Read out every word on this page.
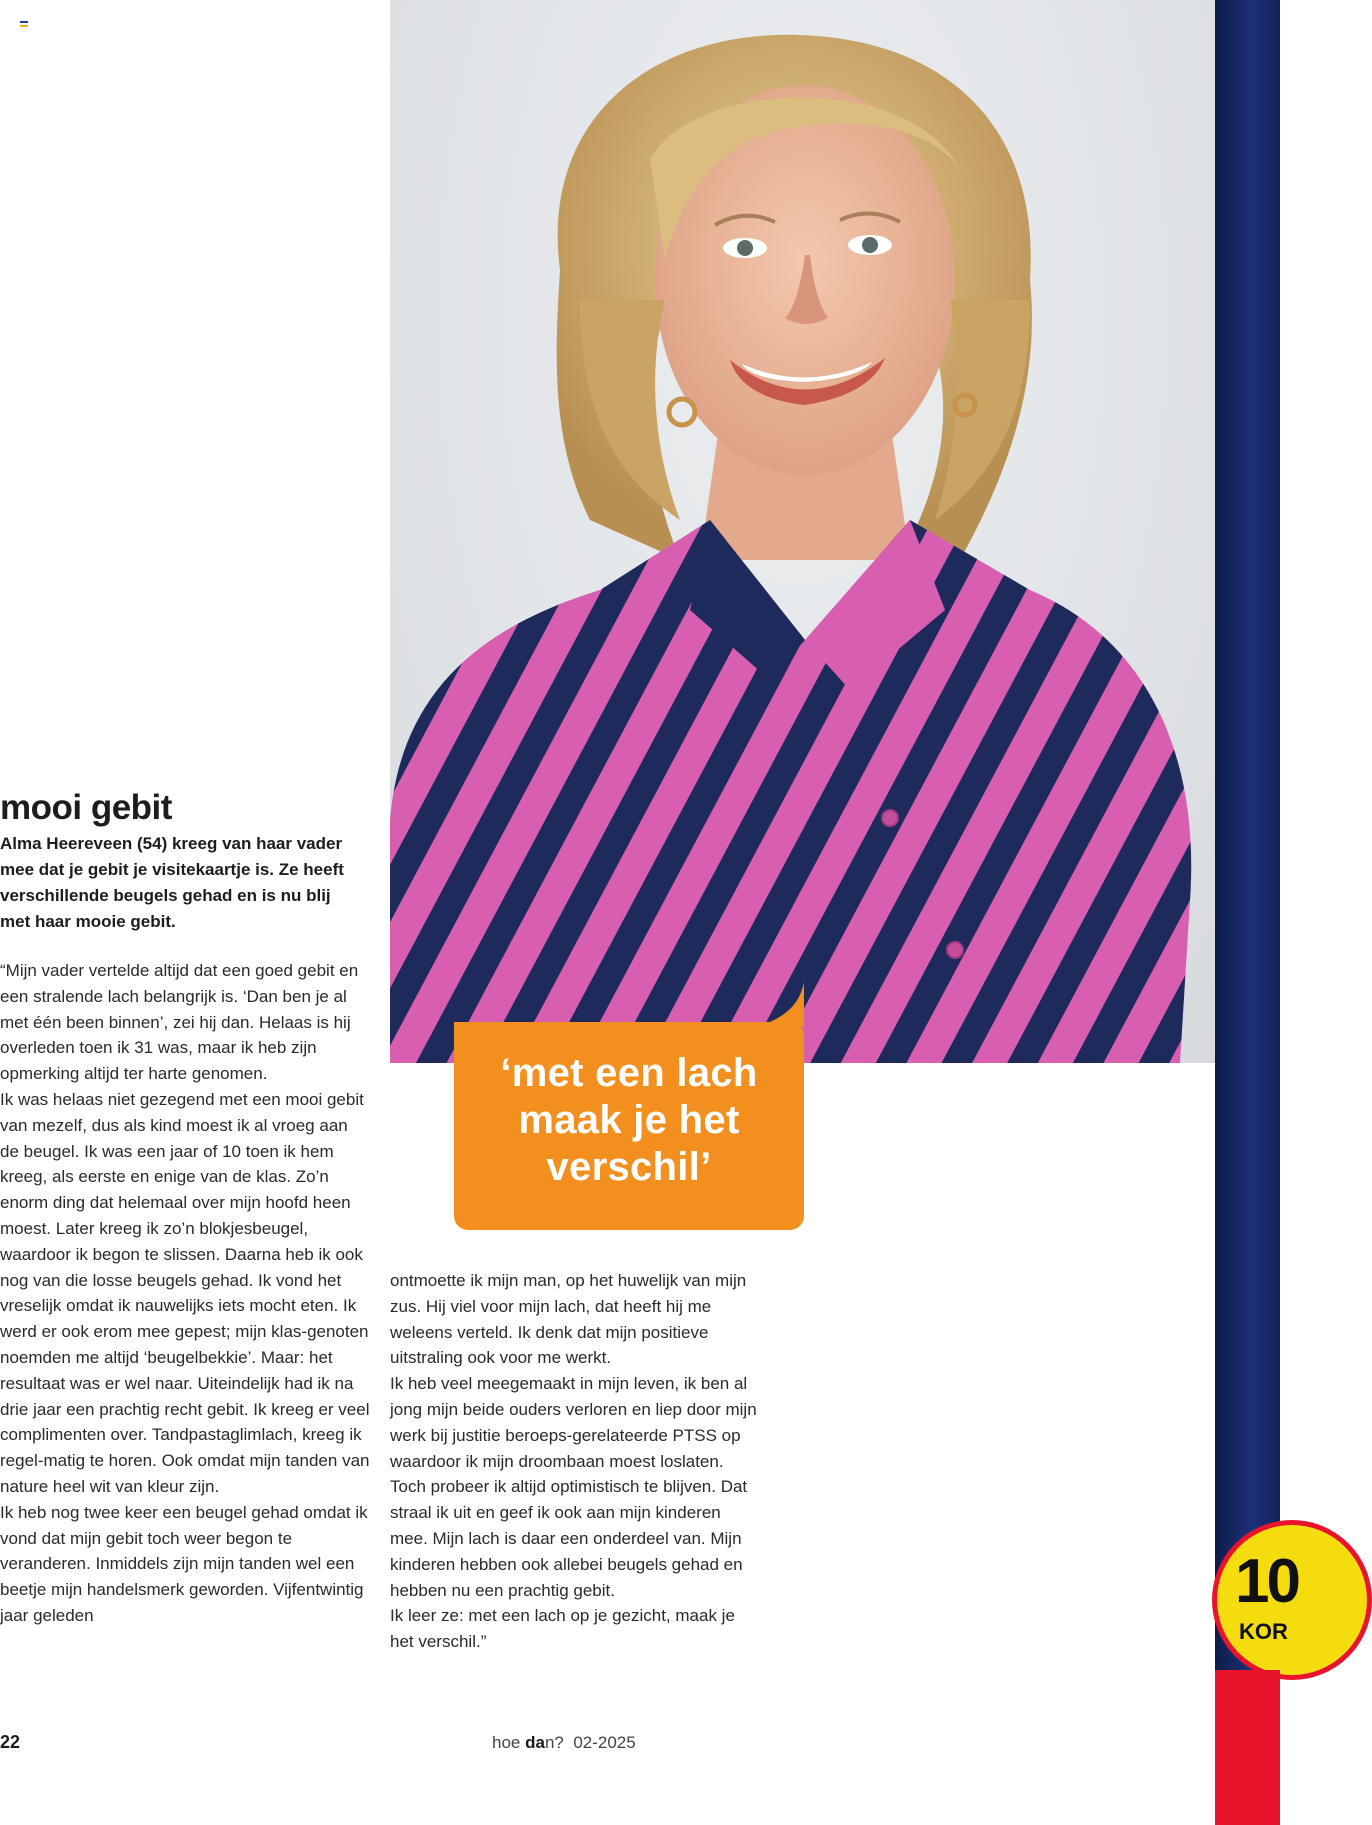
10
KOR
mooi gebit

Alma Heereveen (54) kreeg van haar vader mee dat je gebit je visitekaartje is. Ze heeft verschillende beugels gehad en is nu blij met haar mooie gebit.

“Mijn vader vertelde altijd dat een goed gebit en een stralende lach belangrijk is. ‘Dan ben je al met één been binnen’, zei hij dan. Helaas is hij overleden toen ik 31 was, maar ik heb zijn opmerking altijd ter harte genomen.

Ik was helaas niet gezegend met een mooi gebit van mezelf, dus als kind moest ik al vroeg aan de beugel. Ik was een jaar of 10 toen ik hem kreeg, als eerste en enige van de klas. Zo’n enorm ding dat helemaal over mijn hoofd heen moest. Later kreeg ik zo’n blokjesbeugel, waardoor ik begon te slissen. Daarna heb ik ook nog van die losse beugels gehad. Ik vond het vreselijk omdat ik nauwelijks iets mocht eten. Ik werd er ook erom mee gepest; mijn klas-genoten noemden me altijd ‘beugelbekkie’. Maar: het resultaat was er wel naar. Uiteindelijk had ik na drie jaar een prachtig recht gebit. Ik kreeg er veel complimenten over. Tandpastaglimlach, kreeg ik regel-matig te horen. Ook omdat mijn tanden van nature heel wit van kleur zijn.

Ik heb nog twee keer een beugel gehad omdat ik vond dat mijn gebit toch weer begon te veranderen. Inmiddels zijn mijn tanden wel een beetje mijn handelsmerk geworden. Vijfentwintig jaar geleden

‘met een lach maak je het verschil’

ontmoette ik mijn man, op het huwelijk van mijn zus. Hij viel voor mijn lach, dat heeft hij me weleens verteld. Ik denk dat mijn positieve uitstraling ook voor me werkt.

Ik heb veel meegemaakt in mijn leven, ik ben al jong mijn beide ouders verloren en liep door mijn werk bij justitie beroeps-gerelateerde PTSS op waardoor ik mijn droombaan moest loslaten. Toch probeer ik altijd optimistisch te blijven. Dat straal ik uit en geef ik ook aan mijn kinderen mee. Mijn lach is daar een onderdeel van. Mijn kinderen hebben ook allebei beugels gehad en hebben nu een prachtig gebit.

Ik leer ze: met een lach op je gezicht, maak je het verschil.”

22	hoe dan? 02-2025
